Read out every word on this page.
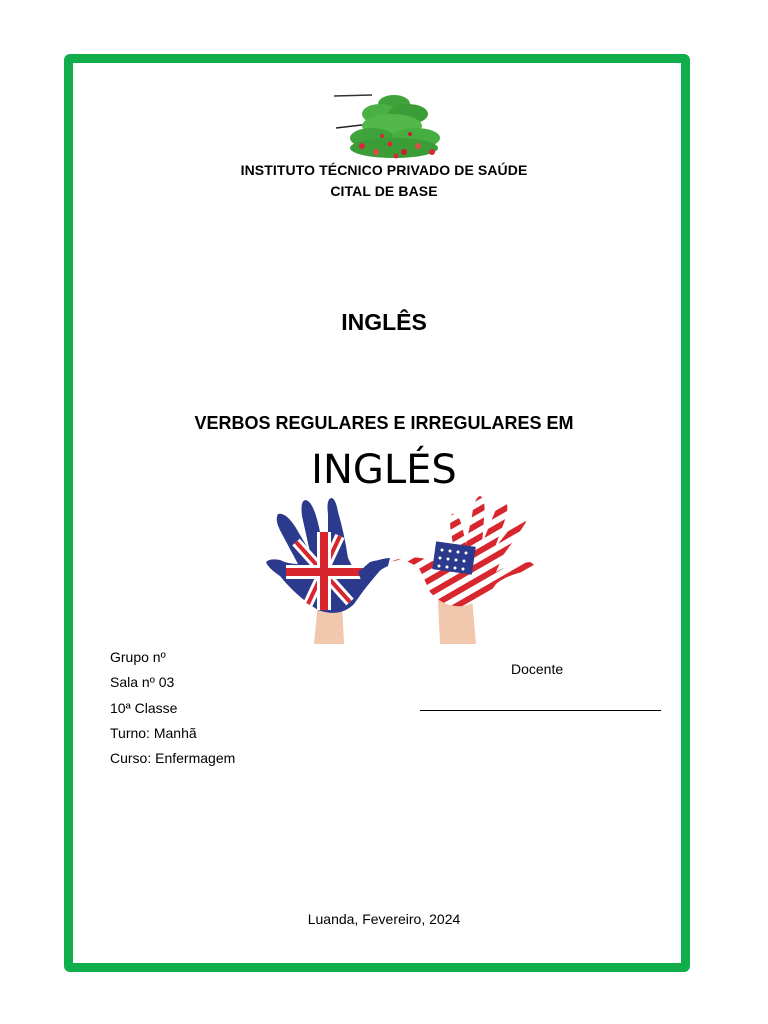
INSTITUTO TÉCNICO PRIVADO DE SAÚDE
CITAL DE BASE
INGLÊS
VERBOS REGULARES E IRREGULARES EM
INGLÉS
Grupo nº
Sala nº 03
10ª Classe
Turno: Manhã
Curso: Enfermagem
Docente
Luanda, Fevereiro, 2024
